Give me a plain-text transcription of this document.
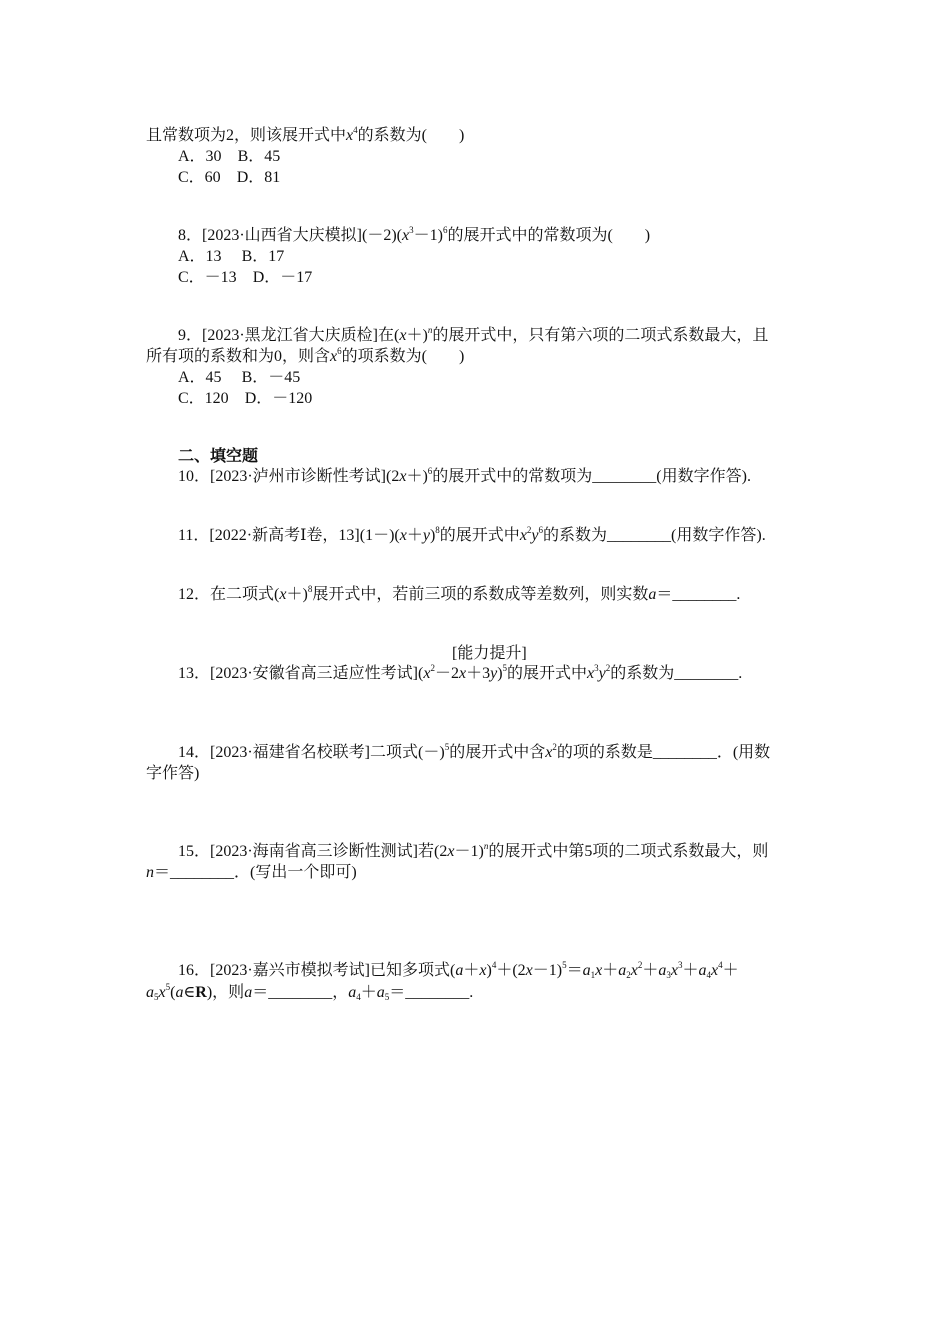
且常数项为2，则该展开式中$x^4$的系数为(　　)
A．30　 B．45
C．60　 D．81
8．[2023·山西省大庆模拟]$(-2)(x^3-1)^6$的展开式中的常数项为(　　)
A．13　 B．17
C．－13　 D．－17
9．[2023·黑龙江省大庆质检]在$(x+)^n$的展开式中，只有第六项的二项式系数最大，且
所有项的系数和为0，则含$x^6$的项系数为(　　)
A．45　 B．－45
C．120　 D．－120
二、填空题
10．[2023·泸州市诊断性考试]$(2x+)^6$的展开式中的常数项为________(用数字作答).
11．[2022·新高考Ⅰ卷，$13](1-)(x+y)^8$的展开式中$x^2y^6$的系数为________(用数字作答).
12．在二项式$(x+)^8$展开式中，若前三项的系数成等差数列，则实数a＝________.
[能力提升]
13．[2023·安徽省高三适应性考试]$(x^2-2x+3y)^5$的展开式中$x^3y^2$的系数为________.
14．[2023·福建省名校联考]二项式$(-)^5$的展开式中含$x^2$的项的系数是________．(用数
字作答)
15．[2023·海南省高三诊断性测试]若$(2x-1)^n$的展开式中第5项的二项式系数最大，则
n＝________．(写出一个即可)
16．[2023·嘉兴市模拟考试]已知多项式$(a+x)^4+(2x-1)^5=a_1x+a_2x^2+a_3x^3+a_4x^4+$
$a_5x^5(a\in R)$，则a＝________，$a_4+a_5=\_\_\_\_\_\_\_\_$.
